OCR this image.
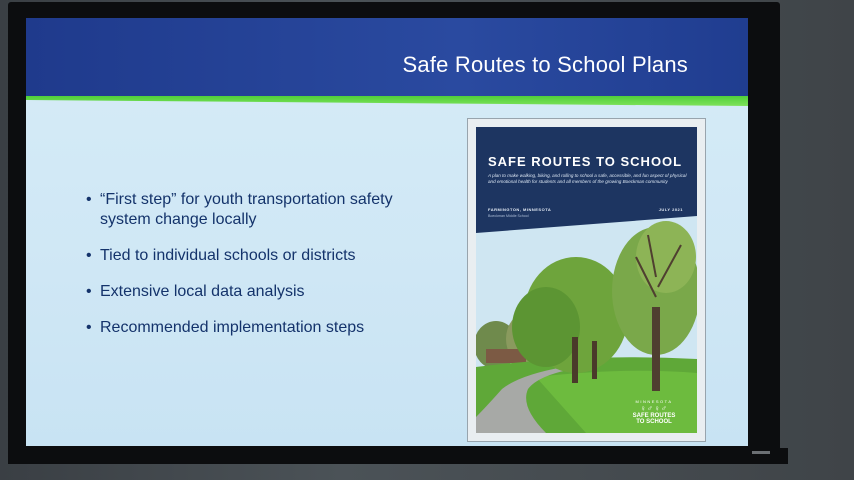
Safe Routes to School Plans
• “First step” for youth transportation safety system change locally
• Tied to individual schools or districts
• Extensive local data analysis
• Recommended implementation steps
SAFE ROUTES TO SCHOOL
A plan to make walking, biking, and rolling to school a safe, accessible, and fun aspect of physical and emotional health for students and all members of the growing Boeckman community
FARMINGTON, MINNESOTA
Boeckman Middle School
JULY 2021
MINNESOTA
♀♂♀♂
SAFE ROUTES
TO SCHOOL
